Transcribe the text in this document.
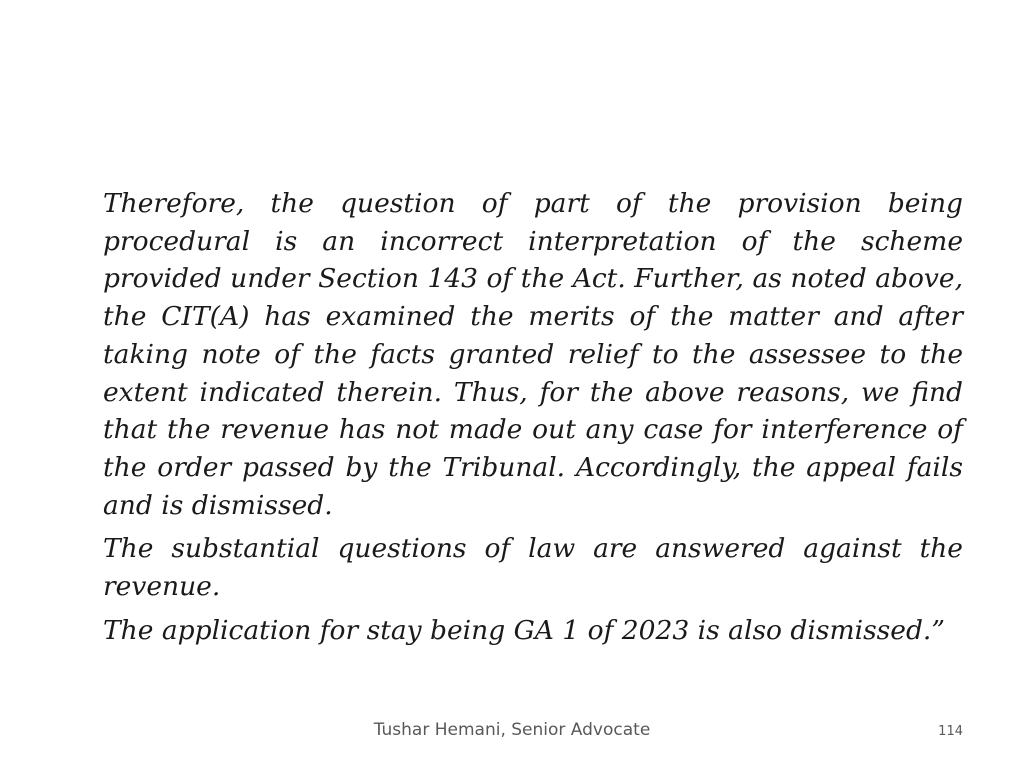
Therefore, the question of part of the provision being procedural is an incorrect interpretation of the scheme provided under Section 143 of the Act. Further, as noted above, the CIT(A) has examined the merits of the matter and after taking note of the facts granted relief to the assessee to the extent indicated therein. Thus, for the above reasons, we find that the revenue has not made out any case for interference of the order passed by the Tribunal. Accordingly, the appeal fails and is dismissed.

The substantial questions of law are answered against the revenue.

The application for stay being GA 1 of 2023 is also dismissed.”

Tushar Hemani, Senior Advocate	114
